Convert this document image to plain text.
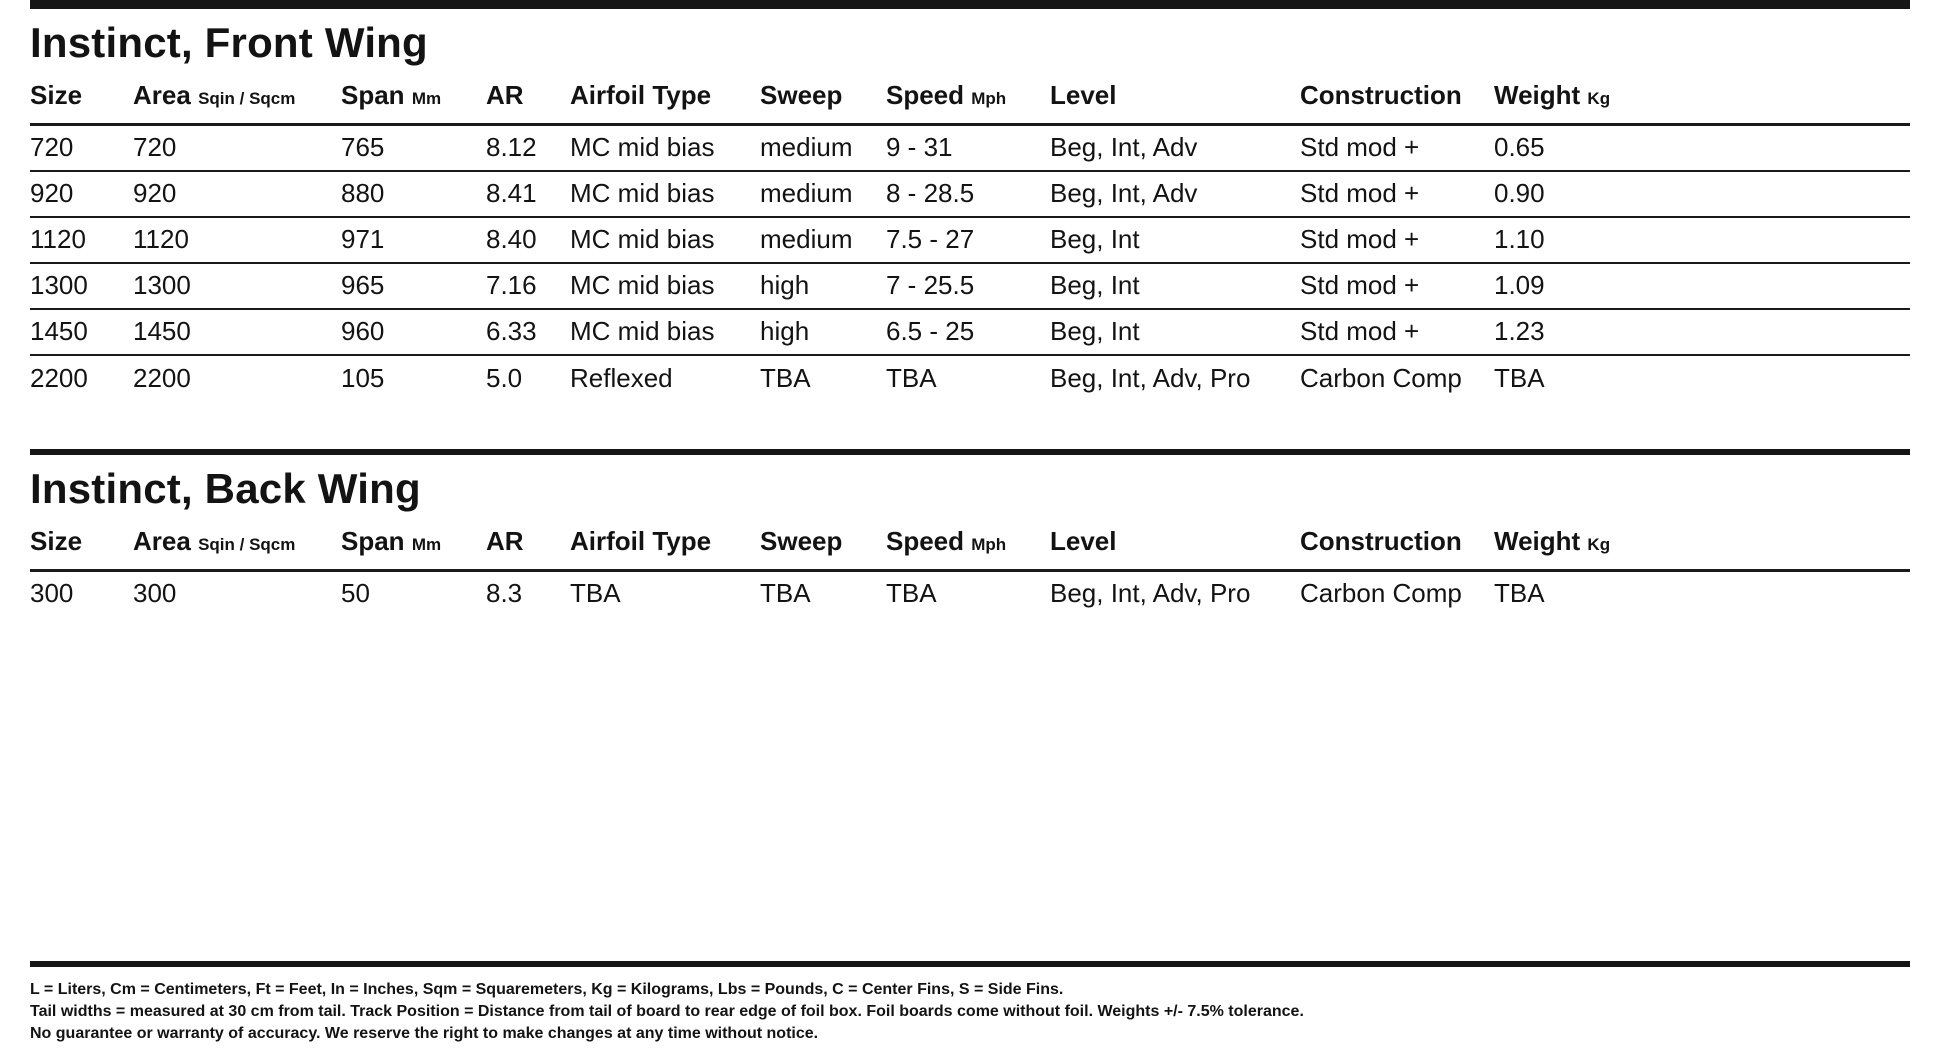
Instinct, Front Wing
Size	Area Sqin / Sqcm	Span Mm	AR	Airfoil Type	Sweep	Speed Mph	Level	Construction	Weight Kg
720	720	765	8.12	MC mid bias	medium	9 - 31	Beg, Int, Adv	Std mod +	0.65
920	920	880	8.41	MC mid bias	medium	8 - 28.5	Beg, Int, Adv	Std mod +	0.90
1120	1120	971	8.40	MC mid bias	medium	7.5 - 27	Beg, Int	Std mod +	1.10
1300	1300	965	7.16	MC mid bias	high	7 - 25.5	Beg, Int	Std mod +	1.09
1450	1450	960	6.33	MC mid bias	high	6.5 - 25	Beg, Int	Std mod +	1.23
2200	2200	105	5.0	Reflexed	TBA	TBA	Beg, Int, Adv, Pro	Carbon Comp	TBA
Instinct, Back Wing
Size	Area Sqin / Sqcm	Span Mm	AR	Airfoil Type	Sweep	Speed Mph	Level	Construction	Weight Kg
300	300	50	8.3	TBA	TBA	TBA	Beg, Int, Adv, Pro	Carbon Comp	TBA
L = Liters, Cm = Centimeters, Ft = Feet, In = Inches, Sqm = Squaremeters, Kg = Kilograms, Lbs = Pounds, C = Center Fins, S = Side Fins.
Tail widths = measured at 30 cm from tail. Track Position = Distance from tail of board to rear edge of foil box. Foil boards come without foil. Weights +/- 7.5% tolerance.
No guarantee or warranty of accuracy. We reserve the right to make changes at any time without notice.
